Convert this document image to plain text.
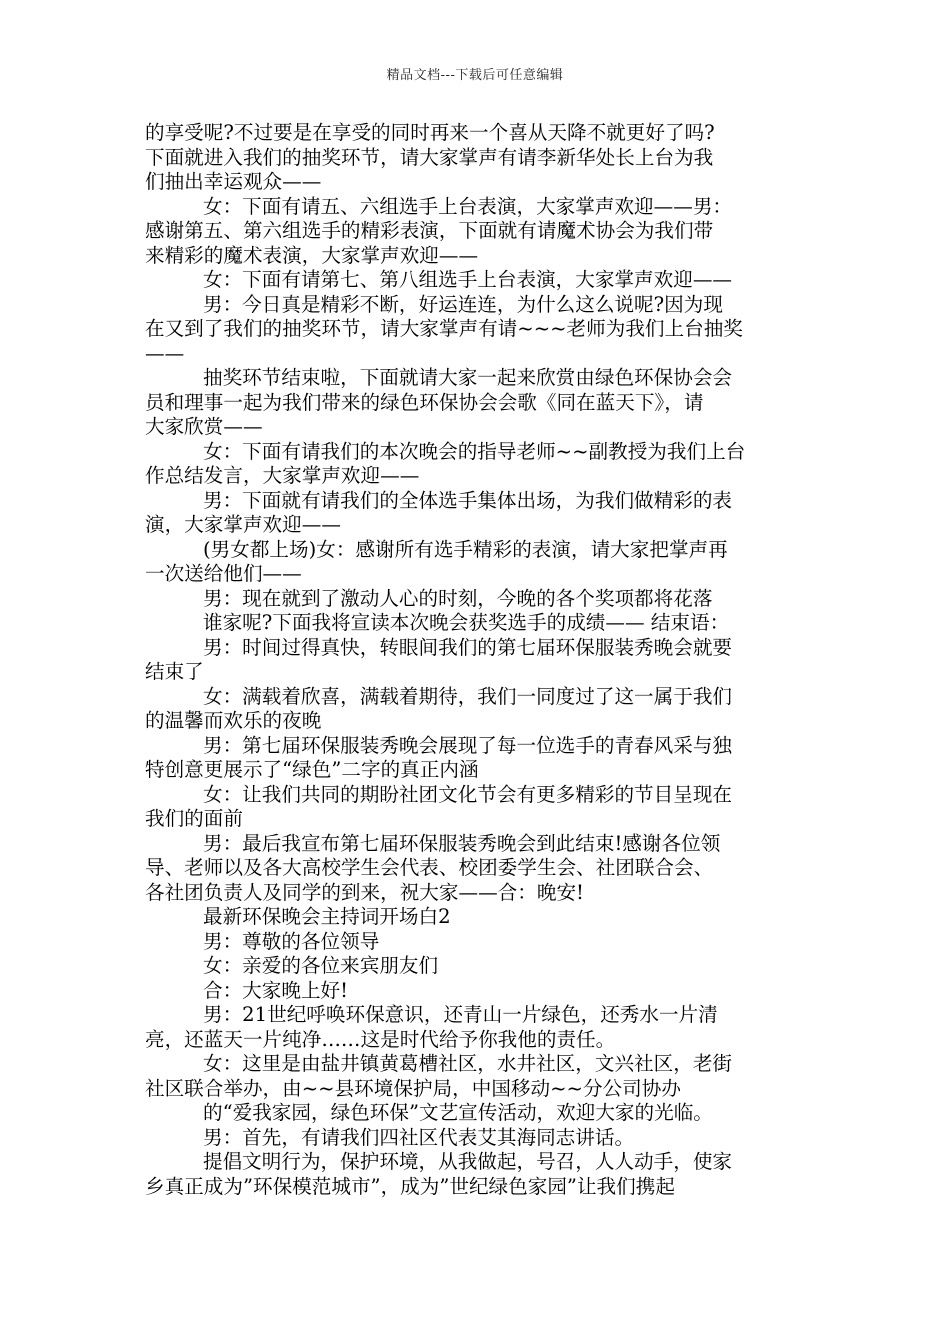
精品文档---下载后可任意编辑
的享受呢?不过要是在享受的同时再来一个喜从天降不就更好了吗?
下面就进入我们的抽奖环节，请大家掌声有请李新华处长上台为我
们抽出幸运观众——
女：下面有请五、六组选手上台表演，大家掌声欢迎——男：
感谢第五、第六组选手的精彩表演，下面就有请魔术协会为我们带
来精彩的魔术表演，大家掌声欢迎——
女：下面有请第七、第八组选手上台表演，大家掌声欢迎——
男：今日真是精彩不断，好运连连，为什么这么说呢?因为现
在又到了我们的抽奖环节，请大家掌声有请~~~老师为我们上台抽奖
——
抽奖环节结束啦，下面就请大家一起来欣赏由绿色环保协会会
员和理事一起为我们带来的绿色环保协会会歌《同在蓝天下》，请
大家欣赏——
女：下面有请我们的本次晚会的指导老师~~副教授为我们上台
作总结发言，大家掌声欢迎——
男：下面就有请我们的全体选手集体出场，为我们做精彩的表
演，大家掌声欢迎——
(男女都上场)女：感谢所有选手精彩的表演，请大家把掌声再
一次送给他们——
男：现在就到了激动人心的时刻，今晚的各个奖项都将花落
谁家呢?下面我将宣读本次晚会获奖选手的成绩—— 结束语：
男：时间过得真快，转眼间我们的第七届环保服装秀晚会就要
结束了
女：满载着欣喜，满载着期待，我们一同度过了这一属于我们
的温馨而欢乐的夜晚
男：第七届环保服装秀晚会展现了每一位选手的青春风采与独
特创意更展示了“绿色”二字的真正内涵
女：让我们共同的期盼社团文化节会有更多精彩的节目呈现在
我们的面前
男：最后我宣布第七届环保服装秀晚会到此结束!感谢各位领
导、老师以及各大高校学生会代表、校团委学生会、社团联合会、
各社团负责人及同学的到来，祝大家——合：晚安!
最新环保晚会主持词开场白2
男：尊敬的各位领导
女：亲爱的各位来宾朋友们
合：大家晚上好!
男：21世纪呼唤环保意识，还青山一片绿色，还秀水一片清
亮，还蓝天一片纯净……这是时代给予你我他的责任。
女：这里是由盐井镇黄葛槽社区，水井社区，文兴社区，老街
社区联合举办，由~~县环境保护局，中国移动~~分公司协办
的“爱我家园，绿色环保”文艺宣传活动，欢迎大家的光临。
男：首先，有请我们四社区代表艾其海同志讲话。
提倡文明行为，保护环境，从我做起，号召，人人动手，使家
乡真正成为”环保模范城市”，成为”世纪绿色家园”让我们携起
